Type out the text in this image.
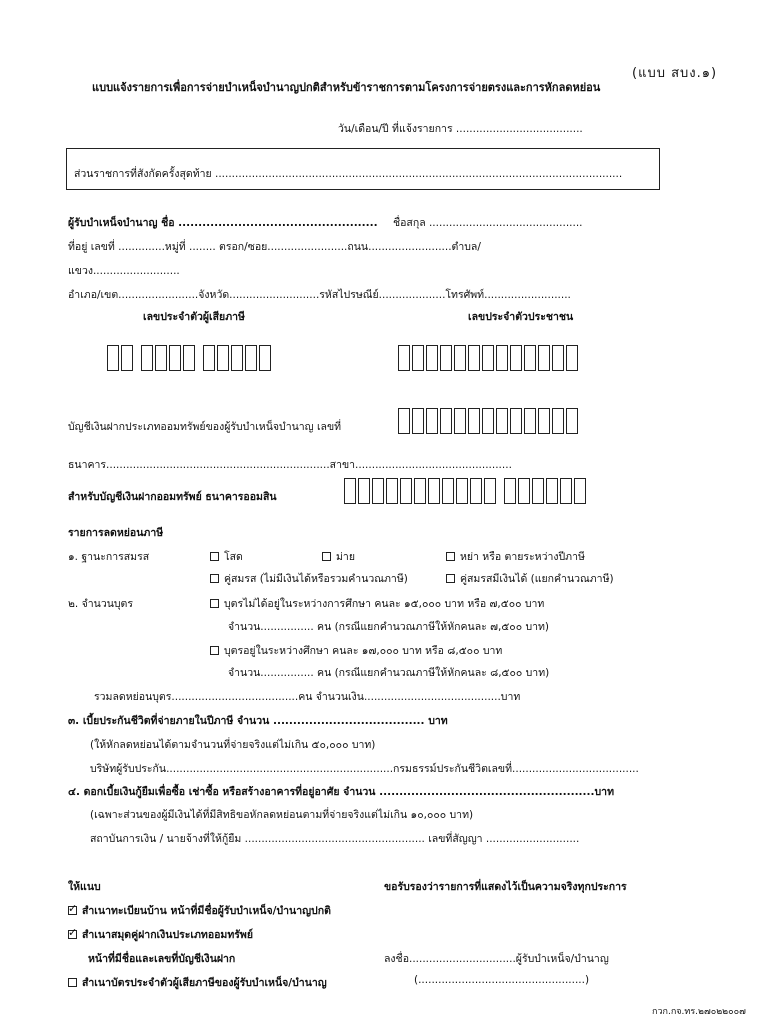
(แบบ สบง.๑)
แบบแจ้งรายการเพื่อการจ่ายบำเหน็จบำนาญปกติสำหรับข้าราชการตามโครงการจ่ายตรงและการหักลดหย่อน
วัน/เดือน/ปี ที่แจ้งรายการ ......................................
ส่วนราชการที่สังกัดครั้งสุดท้าย ..........................................................................................................................
ผู้รับบำเหน็จบำนาญ ชื่อ .................................................. ชื่อสกุล ..............................................
ที่อยู่ เลขที่ ..............หมู่ที่ ........ ตรอก/ซอย........................ถนน.........................ตำบล/
แขวง..........................
อำเภอ/เขต........................จังหวัด...........................รหัสไปรษณีย์....................โทรศัพท์..........................
เลขประจำตัวผู้เสียภาษี	เลขประจำตัวประชาชน
บัญชีเงินฝากประเภทออมทรัพย์ของผู้รับบำเหน็จบำนาญ เลขที่
ธนาคาร...................................................................สาขา...............................................
สำหรับบัญชีเงินฝากออมทรัพย์ ธนาคารออมสิน
รายการลดหย่อนภาษี
๑. ฐานะการสมรส	โสด	ม่าย	หย่า หรือ ตายระหว่างปีภาษี
คู่สมรส (ไม่มีเงินได้หรือรวมคำนวณภาษี)	คู่สมรสมีเงินได้ (แยกคำนวณภาษี)
๒. จำนวนบุตร	บุตรไม่ได้อยู่ในระหว่างการศึกษา คนละ ๑๕,๐๐๐ บาท หรือ ๗,๕๐๐ บาท
จำนวน................ คน (กรณีแยกคำนวณภาษีให้หักคนละ ๗,๕๐๐ บาท)
บุตรอยู่ในระหว่างศึกษา คนละ ๑๗,๐๐๐ บาท หรือ ๘,๕๐๐ บาท
จำนวน................ คน (กรณีแยกคำนวณภาษีให้หักคนละ ๘,๕๐๐ บาท)
รวมลดหย่อนบุตร......................................คน จำนวนเงิน.........................................บาท
๓. เบี้ยประกันชีวิตที่จ่ายภายในปีภาษี จำนวน ...................................... บาท
(ให้หักลดหย่อนได้ตามจำนวนที่จ่ายจริงแต่ไม่เกิน ๕๐,๐๐๐ บาท)
บริษัทผู้รับประกัน....................................................................กรมธรรม์ประกันชีวิตเลขที่......................................
๔. ดอกเบี้ยเงินกู้ยืมเพื่อซื้อ เช่าซื้อ หรือสร้างอาคารที่อยู่อาศัย จำนวน ......................................................บาท
(เฉพาะส่วนของผู้มีเงินได้ที่มีสิทธิขอหักลดหย่อนตามที่จ่ายจริงแต่ไม่เกิน ๑๐,๐๐๐ บาท)
สถาบันการเงิน / นายจ้างที่ให้กู้ยืม ...................................................... เลขที่สัญญา ............................
ให้แนบ	ขอรับรองว่ารายการที่แสดงไว้เป็นความจริงทุกประการ
✓สำเนาทะเบียนบ้าน หน้าที่มีชื่อผู้รับบำเหน็จ/บำนาญปกติ
✓สำเนาสมุดคู่ฝากเงินประเภทออมทรัพย์
หน้าที่มีชื่อและเลขที่บัญชีเงินฝาก	ลงชื่อ................................ผู้รับบำเหน็จ/บำนาญ
สำเนาบัตรประจำตัวผู้เสียภาษีของผู้รับบำเหน็จ/บำนาญ	(..................................................)
กวก.กจ.ทร.๒๗๐๒๒๐๐๗
